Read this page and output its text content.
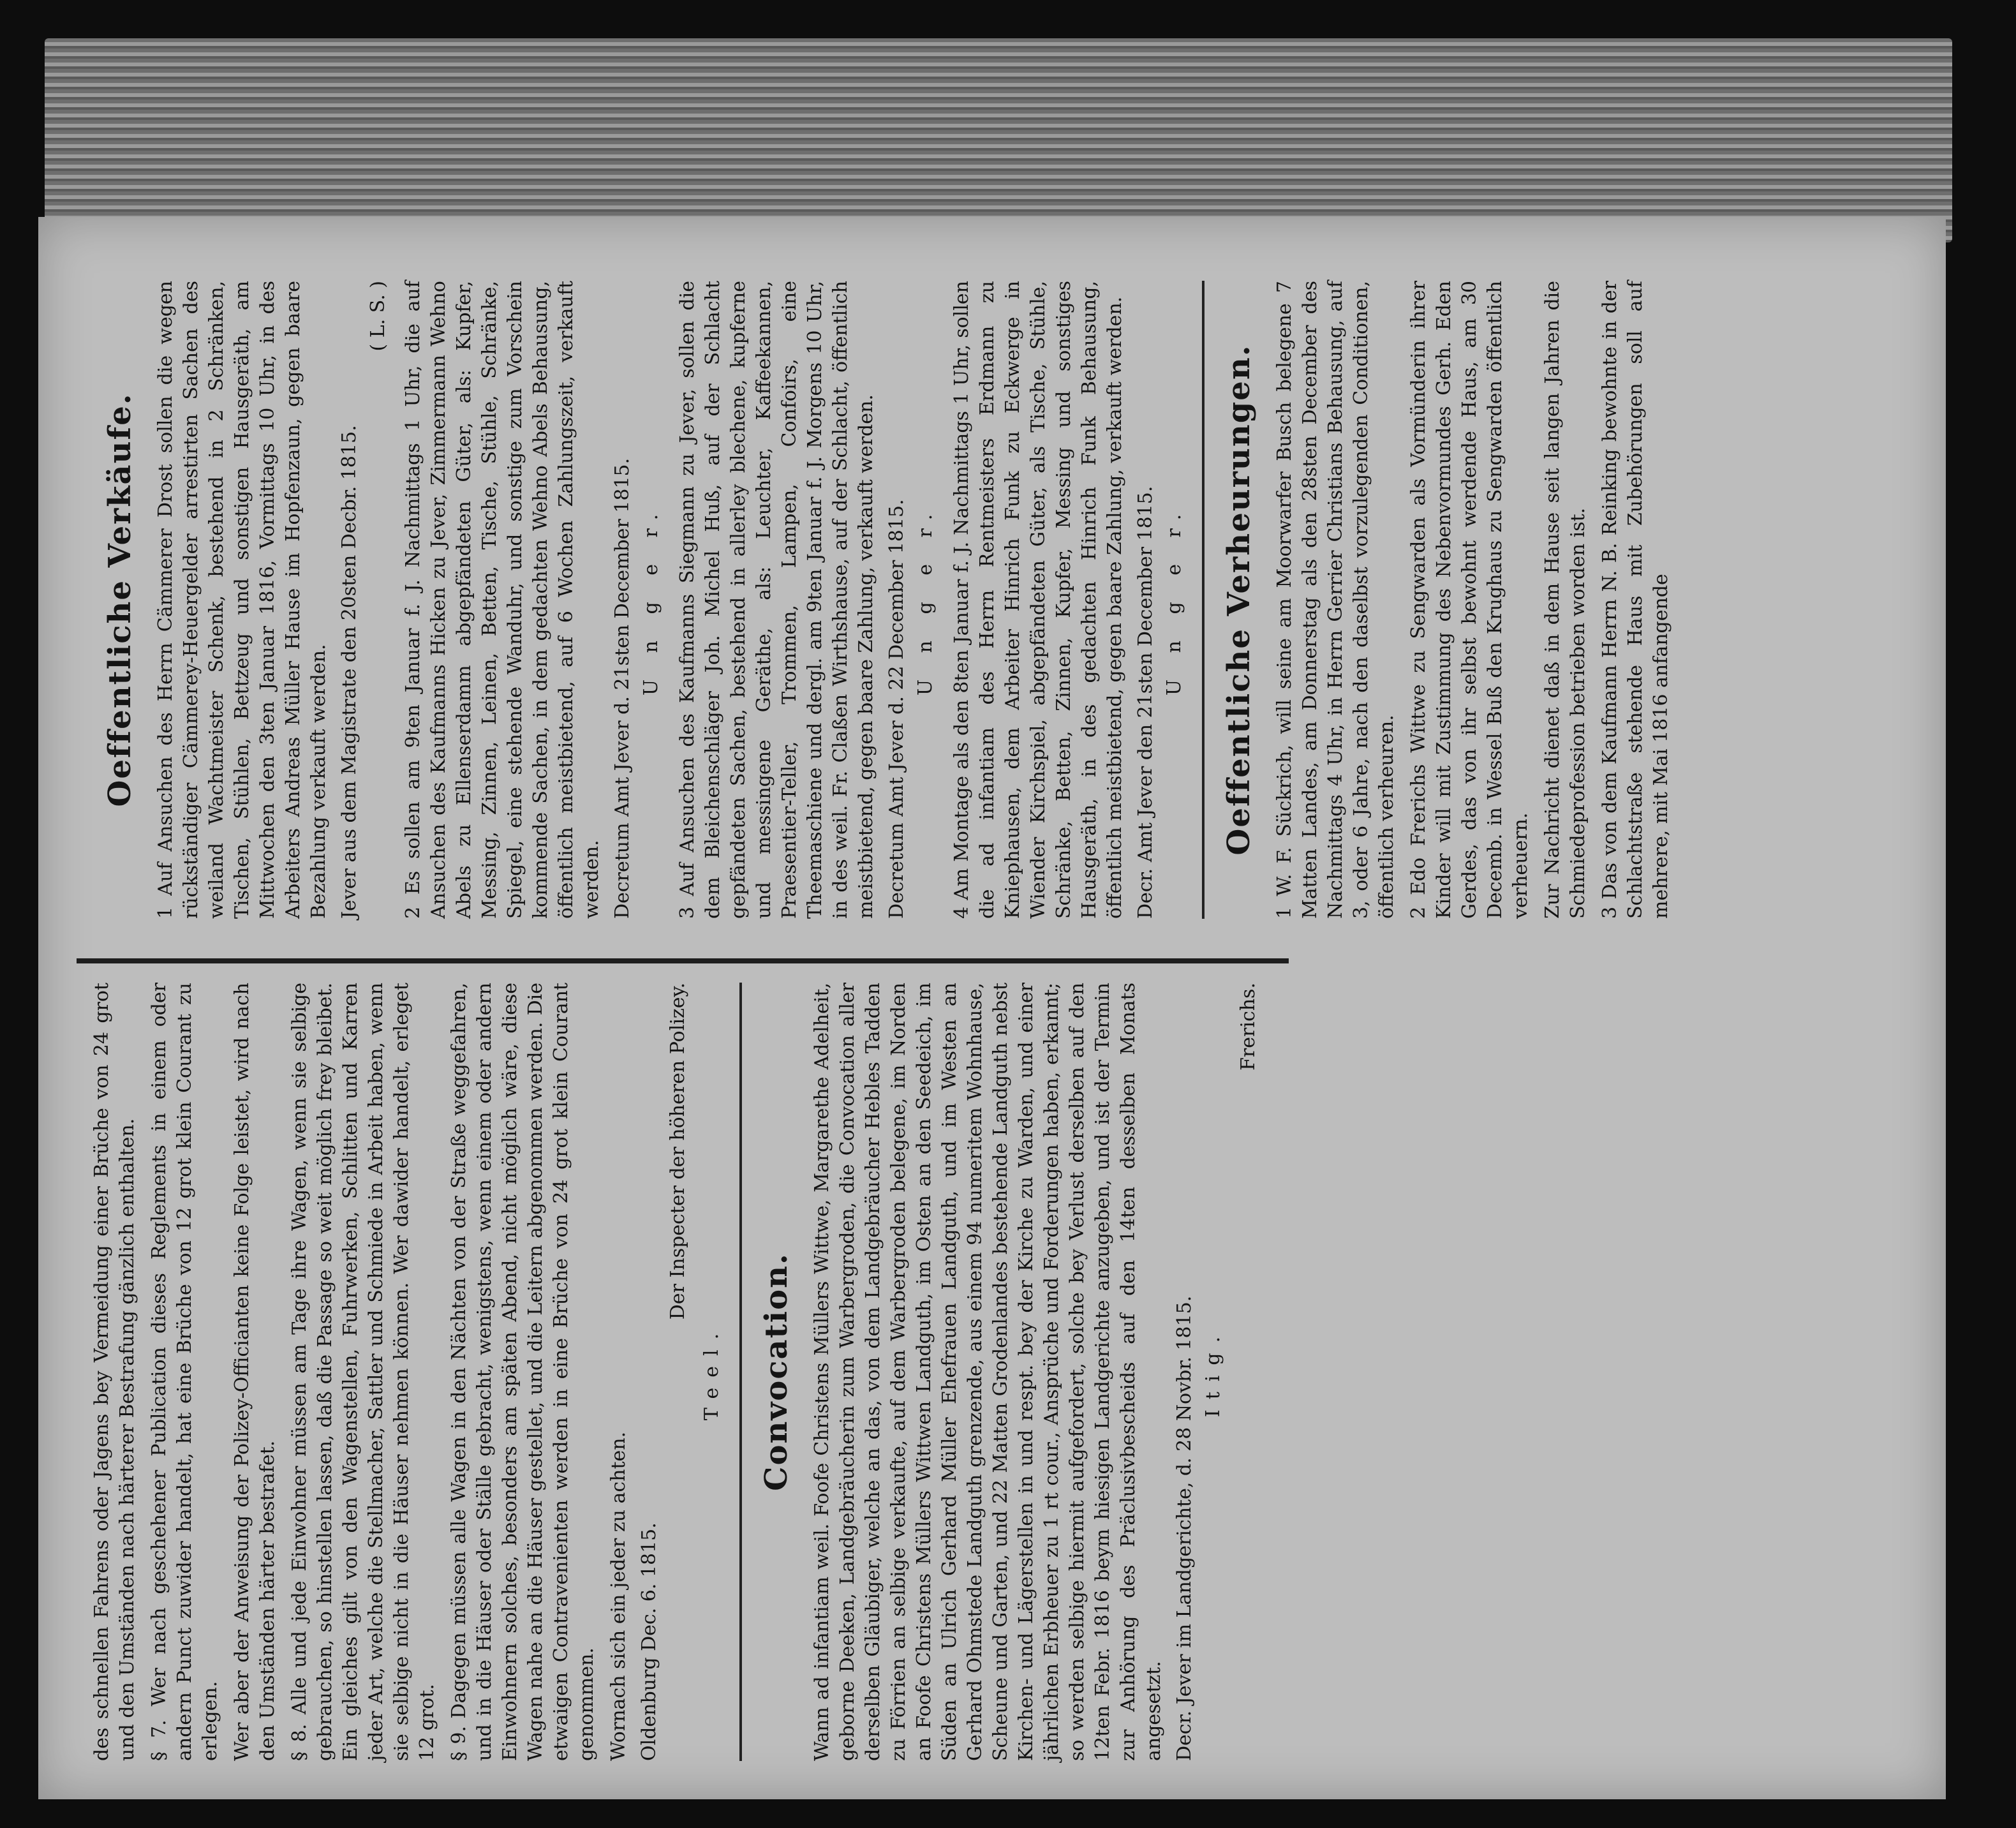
des schnellen Fahrens oder Jagens bey Vermeidung einer Brüche von 24 grot und den Umständen nach härterer Bestrafung gänzlich enthalten. § 7. Wer nach geschehener Publication dieses Reglements in einem oder andern Punct zuwider handelt, hat eine Brüche von 12 grot klein Courant zu erlegen. Wer aber der Anweisung der Polizey-Officianten keine Folge leistet, wird nach den Umständen härter bestrafet. § 8. Alle und jede Einwohner müssen am Tage ihre Wagen, wenn sie selbige gebrauchen, so hinstellen lassen, daß die Passage so weit möglich frey bleibet. Ein gleiches gilt von den Wagenstellen, Fuhrwerken, Schlitten und Karren jeder Art, welche die Stellmacher, Sattler und Schmiede in Arbeit haben, wenn sie selbige nicht in die Häuser nehmen können. Wer dawider handelt, erleget 12 grot. § 9. Dagegen müssen alle Wagen in den Nächten von der Straße weggefahren, und in die Häuser oder Ställe gebracht, wenigstens, wenn einem oder andern Einwohnern solches, besonders am späten Abend, nicht möglich wäre, diese Wagen nahe an die Häuser gestellet, und die Leitern abgenommen werden. Die etwaigen Contravenienten werden in eine Brüche von 24 grot klein Courant genommen. Wornach sich ein jeder zu achten. Oldenburg Dec. 6. 1815.
Der Inspecter der höheren Polizey.
Teel. Convocation. Wann ad infantiam weil. Foofe Christens Müllers Wittwe, Margarethe Adelheit, geborne Deeken, Landgebräucherin zum Warbergroden, die Convocation aller derselben Gläubiger, welche an das, von dem Landgebräucher Hebles Tadden zu Förrien an selbige verkaufte, auf dem Warbergroden belegene, im Norden an Foofe Christens Müllers Wittwen Landguth, im Osten an den Seedeich, im Süden an Ulrich Gerhard Müller Ehefrauen Landguth, und im Westen an Gerhard Ohmstede Landguth grenzende, aus einem 94 numeritem Wohnhause, Scheune und Garten, und 22 Matten Grodenlandes bestehende Landguth nebst Kirchen- und Lägerstellen in und respt. bey der Kirche zu Warden, und einer jährlichen Erbheuer zu 1 rt cour., Ansprüche und Forderungen haben, erkannt; so werden selbige hiermit aufgefordert, solche bey Verlust derselben auf den 12ten Febr. 1816 beym hiesigen Landgerichte anzugeben, und ist der Termin zur Anhörung des Präclusivbescheids auf den 14ten desselben Monats angesetzt. Decr. Jever im Landgerichte, d. 28 Novbr. 1815. Itig.
Frerichs.
Oeffentliche Verkäufe. 1 Auf Ansuchen des Herrn Cämmerer Drost sollen die wegen rückständiger Cämmerey-Heuergelder arrestirten Sachen des weiland Wachtmeister Schenk, bestehend in 2 Schränken, Tischen, Stühlen, Bettzeug und sonstigen Hausgeräth, am Mittwochen den 3ten Januar 1816, Vormittags 10 Uhr, in des Arbeiters Andreas Müller Hause im Hopfenzaun, gegen baare Bezahlung verkauft werden. Jever aus dem Magistrate den 20sten Decbr. 1815.
( L. S. ) 2 Es sollen am 9ten Januar f. J. Nachmittags 1 Uhr, die auf Ansuchen des Kaufmanns Hicken zu Jever, Zimmermann Wehno Abels zu Ellenserdamm abgepfändeten Güter, als: Kupfer, Messing, Zinnen, Leinen, Betten, Tische, Stühle, Schränke, Spiegel, eine stehende Wanduhr, und sonstige zum Vorschein kommende Sachen, in dem gedachten Wehno Abels Behausung, öffentlich meistbietend, auf 6 Wochen Zahlungszeit, verkauft werden. Decretum Amt Jever d. 21sten December 1815. U n g e r. 3 Auf Ansuchen des Kaufmanns Siegmann zu Jever, sollen die dem Bleichenschläger Joh. Michel Huß, auf der Schlacht gepfändeten Sachen, bestehend in allerley blechene, kupferne und messingene Geräthe, als: Leuchter, Kaffeekannen, Praesentier-Teller, Trommen, Lampen, Confoirs, eine Theemaschiene und dergl. am 9ten Januar f. J. Morgens 10 Uhr, in des weil. Fr. Claßen Wirthshause, auf der Schlacht, öffentlich meistbietend, gegen baare Zahlung, verkauft werden. Decretum Amt Jever d. 22 December 1815. U n g e r. 4 Am Montage als den 8ten Januar f. J. Nachmittags 1 Uhr, sollen die ad infantiam des Herrn Rentmeisters Erdmann zu Kniephausen, dem Arbeiter Hinrich Funk zu Eckwerge in Wiender Kirchspiel, abgepfändeten Güter, als Tische, Stühle, Schränke, Betten, Zinnen, Kupfer, Messing und sonstiges Hausgeräth, in des gedachten Hinrich Funk Behausung, öffentlich meistbietend, gegen baare Zahlung, verkauft werden. Decr. Amt Jever den 21sten December 1815. U n g e r. Oeffentliche Verheurungen. 1 W. F. Sückrich, will seine am Moorwarfer Busch belegene 7 Matten Landes, am Donnerstag als den 28sten December des Nachmittags 4 Uhr, in Herrn Gerrier Christians Behausung, auf 3, oder 6 Jahre, nach den daselbst vorzulegenden Conditionen, öffentlich verheuren. 2 Edo Frerichs Wittwe zu Sengwarden als Vormünderin ihrer Kinder will mit Zustimmung des Nebenvormundes Gerh. Eden Gerdes, das von ihr selbst bewohnt werdende Haus, am 30 Decemb. in Wessel Buß den Krughaus zu Sengwarden öffentlich verheuern. Zur Nachricht dienet daß in dem Hause seit langen Jahren die Schmiedeprofession betrieben worden ist. 3 Das von dem Kaufmann Herrn N. B. Reinking bewohnte in der Schlachtstraße stehende Haus mit Zubehörungen soll auf mehrere, mit Mai 1816 anfangende
